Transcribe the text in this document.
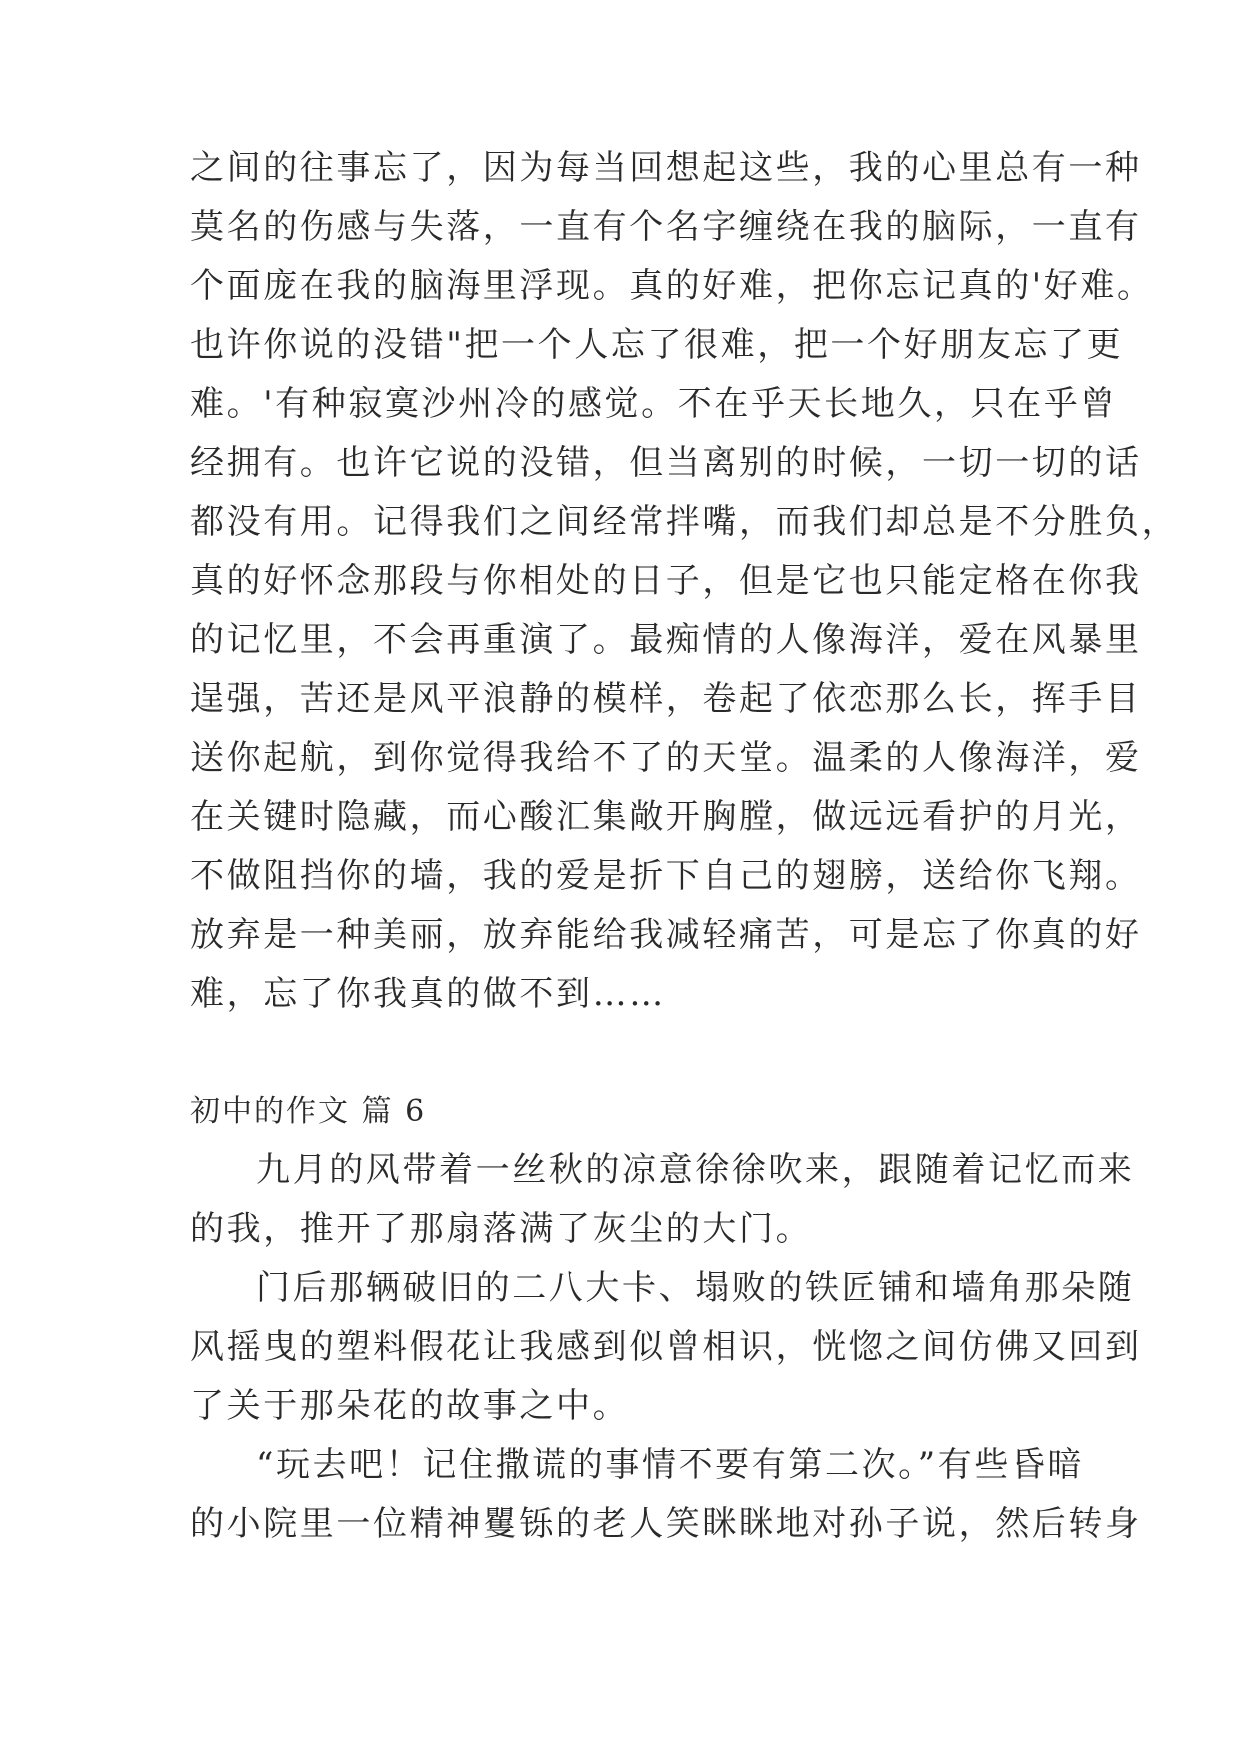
之间的往事忘了，因为每当回想起这些，我的心里总有一种
莫名的伤感与失落，一直有个名字缠绕在我的脑际，一直有
个面庞在我的脑海里浮现。真的好难，把你忘记真的'好难。
也许你说的没错"把一个人忘了很难，把一个好朋友忘了更
难。'有种寂寞沙州冷的感觉。不在乎天长地久，只在乎曾
经拥有。也许它说的没错，但当离别的时候，一切一切的话
都没有用。记得我们之间经常拌嘴，而我们却总是不分胜负，
真的好怀念那段与你相处的日子，但是它也只能定格在你我
的记忆里，不会再重演了。最痴情的人像海洋，爱在风暴里
逞强，苦还是风平浪静的模样，卷起了依恋那么长，挥手目
送你起航，到你觉得我给不了的天堂。温柔的人像海洋，爱
在关键时隐藏，而心酸汇集敞开胸膛，做远远看护的月光，
不做阻挡你的墙，我的爱是折下自己的翅膀，送给你飞翔。
放弃是一种美丽，放弃能给我减轻痛苦，可是忘了你真的好
难，忘了你我真的做不到……
初中的作文 篇 6
九月的风带着一丝秋的凉意徐徐吹来，跟随着记忆而来
的我，推开了那扇落满了灰尘的大门。
门后那辆破旧的二八大卡、塌败的铁匠铺和墙角那朵随
风摇曳的塑料假花让我感到似曾相识，恍惚之间仿佛又回到
了关于那朵花的故事之中。
“玩去吧！记住撒谎的事情不要有第二次。”有些昏暗
的小院里一位精神矍铄的老人笑眯眯地对孙子说，然后转身
